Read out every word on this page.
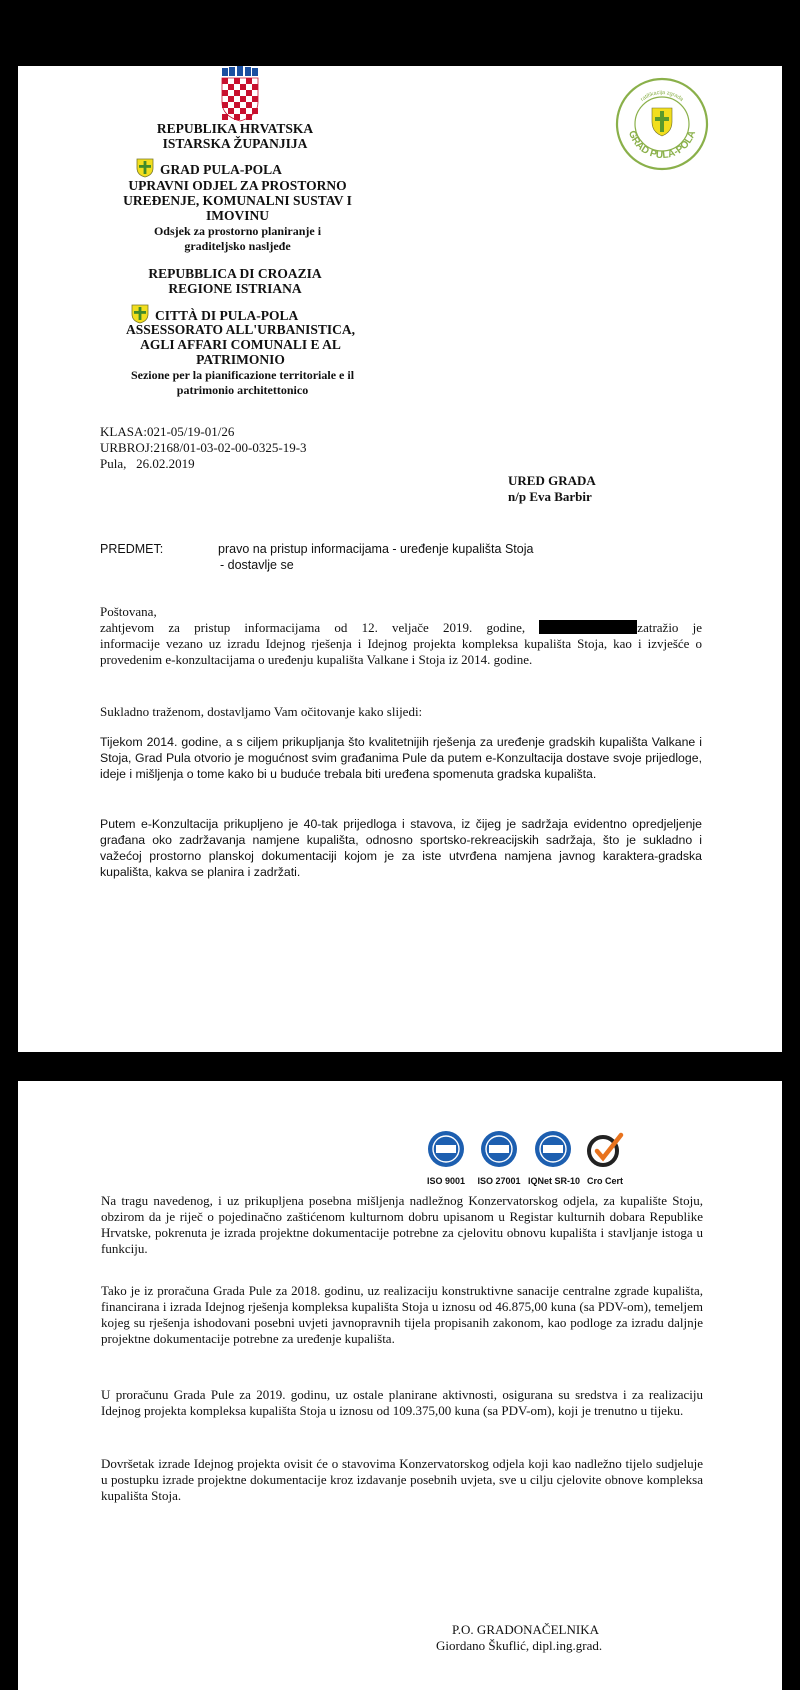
REPUBLIKA HRVATSKA
ISTARSKA ŽUPANJIJA
GRAD PULA-POLA
UPRAVNI ODJEL ZA PROSTORNO
UREĐENJE, KOMUNALNI SUSTAV I
IMOVINU
Odsjek za prostorno planiranje i
graditeljsko nasljeđe
REPUBBLICA DI CROAZIA
REGIONE ISTRIANA
CITTÀ DI PULA-POLA
ASSESSORATO ALL'URBANISTICA,
AGLI AFFARI COMUNALI E AL
PATRIMONIO
Sezione per la pianificazione territoriale e il
patrimonio architettonico
GRAD PULA-POLA
ratifikacija zgrada
KLASA:021-05/19-01/26
URBROJ:2168/01-03-02-00-0325-19-3
Pula, 26.02.2019
URED GRADA
n/p Eva Barbir
PREDMET:	pravo na pristup informacijama - uređenje kupališta Stoja
- dostavlje se
Poštovana,
zahtjevom za pristup informacijama od 12. veljače 2019. godine,	zatražio je
informacije vezano uz izradu Idejnog rješenja i Idejnog projekta kompleksa kupališta Stoja, kao i izvješće o provedenim e-konzultacijama o uređenju kupališta Valkane i Stoja iz 2014. godine.
Sukladno traženom, dostavljamo Vam očitovanje kako slijedi:
Tijekom 2014. godine, a s ciljem prikupljanja što kvalitetnijih rješenja za uređenje gradskih kupališta Valkane i Stoja, Grad Pula otvorio je mogućnost svim građanima Pule da putem e-Konzultacija dostave svoje prijedloge, ideje i mišljenja o tome kako bi u buduće trebala biti uređena spomenuta gradska kupališta.
Putem e-Konzultacija prikupljeno je 40-tak prijedloga i stavova, iz čijeg je sadržaja evidentno opredjeljenje građana oko zadržavanja namjene kupališta, odnosno sportsko-rekreacijskih sadržaja, što je sukladno i važećoj prostorno planskoj dokumentaciji kojom je za iste utvrđena namjena javnog karaktera-gradska kupališta, kakva se planira i zadržati.
ISO 9001	ISO 27001 IQNet SR-10 Cro Cert
Na tragu navedenog, i uz prikupljena posebna mišljenja nadležnog Konzervatorskog odjela, za kupalište Stoju, obzirom da je riječ o pojedinačno zaštićenom kulturnom dobru upisanom u Registar kulturnih dobara Republike Hrvatske, pokrenuta je izrada projektne dokumentacije potrebne za cjelovitu obnovu kupališta i stavljanje istoga u funkciju.
Tako je iz proračuna Grada Pule za 2018. godinu, uz realizaciju konstruktivne sanacije centralne zgrade kupališta, financirana i izrada Idejnog rješenja kompleksa kupališta Stoja u iznosu od 46.875,00 kuna (sa PDV-om), temeljem kojeg su rješenja ishodovani posebni uvjeti javnopravnih tijela propisanih zakonom, kao podloge za izradu daljnje projektne dokumentacije potrebne za uređenje kupališta.
U proračunu Grada Pule za 2019. godinu, uz ostale planirane aktivnosti, osigurana su sredstva i za realizaciju Idejnog projekta kompleksa kupališta Stoja u iznosu od 109.375,00 kuna (sa PDV-om), koji je trenutno u tijeku.
Dovršetak izrade Idejnog projekta ovisit će o stavovima Konzervatorskog odjela koji kao nadležno tijelo sudjeluje u postupku izrade projektne dokumentacije kroz izdavanje posebnih uvjeta, sve u cilju cjelovite obnove kompleksa kupališta Stoja.
P.O. GRADONAČELNIKA
Giordano Škuflić, dipl.ing.grad.
